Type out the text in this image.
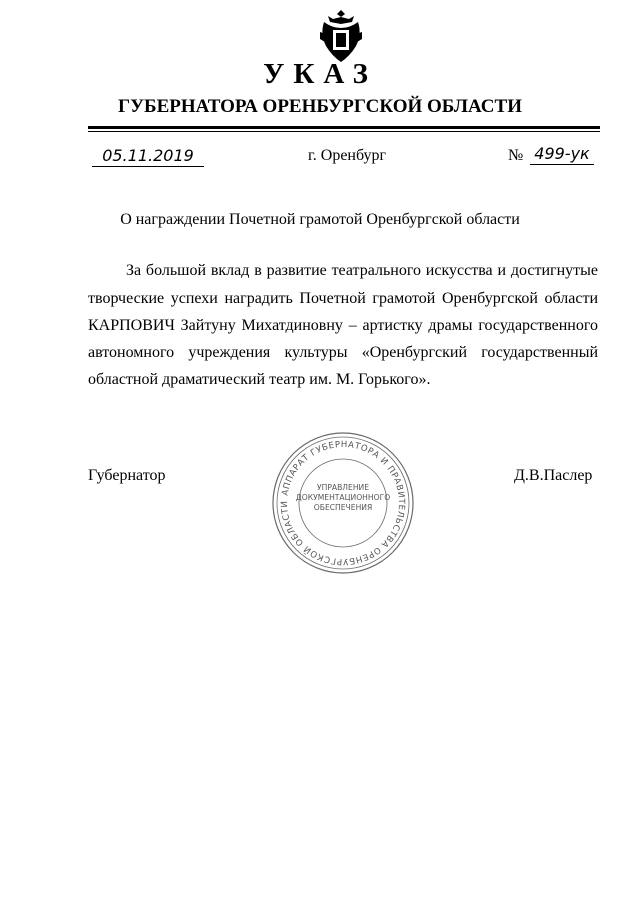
УКАЗ
ГУБЕРНАТОРА ОРЕНБУРГСКОЙ ОБЛАСТИ
05.11.2019	г. Оренбург	№ 499-ук
О награждении Почетной грамотой Оренбургской области
За большой вклад в развитие театрального искусства и достигнутые
творческие успехи наградить Почетной грамотой Оренбургской области
КАРПОВИЧ Зайтуну Михатдиновну – артистку драмы государственного
автономного учреждения культуры «Оренбургский государственный
областной драматический театр им. М. Горького».
Губернатор	Д.В.Паслер
АППАРАТ ГУБЕРНАТОРА И ПРАВИТЕЛЬСТВА ОРЕНБУРГСКОЙ ОБЛАСТИ
УПРАВЛЕНИЕ
ДОКУМЕНТАЦИОННОГО
ОБЕСПЕЧЕНИЯ
